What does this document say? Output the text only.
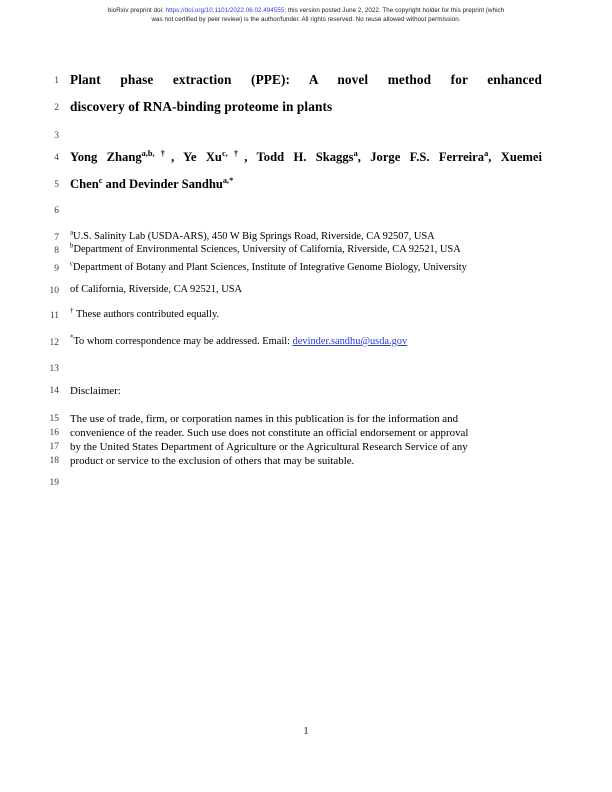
bioRxiv preprint doi: https://doi.org/10.1101/2022.06.02.494555; this version posted June 2, 2022. The copyright holder for this preprint (which
was not certified by peer review) is the author/funder. All rights reserved. No reuse allowed without permission.
1
2
3
4
5
6
7
8
9
10
11
12
13
14
15
16
17
18
19
Plant phase extraction (PPE): A novel method for enhanced
discovery of RNA-binding proteome in plants
Yong Zhang$^{a,b,\dagger}$, Ye $Xu^{c,\dagger}$, Todd H. Skaggs$^a$, Jorge F.S. Ferreira$^a$, Xuemei
Chen$^c$ and Devinder Sandhu$^{a,*}$
$^a$U.S. Salinity Lab (USDA-ARS), 450 W Big Springs Road, Riverside, CA 92507, USA
$^b$Department of Environmental Sciences, University of California, Riverside, CA 92521, USA
$^c$Department of Botany and Plant Sciences, Institute of Integrative Genome Biology, University
of California, Riverside, CA 92521, USA
† These authors contributed equally.
*To whom correspondence may be addressed. Email: devinder.sandhu@usda.gov
Disclaimer:
The use of trade, firm, or corporation names in this publication is for the information and
convenience of the reader. Such use does not constitute an official endorsement or approval
by the United States Department of Agriculture or the Agricultural Research Service of any
product or service to the exclusion of others that may be suitable.
1
